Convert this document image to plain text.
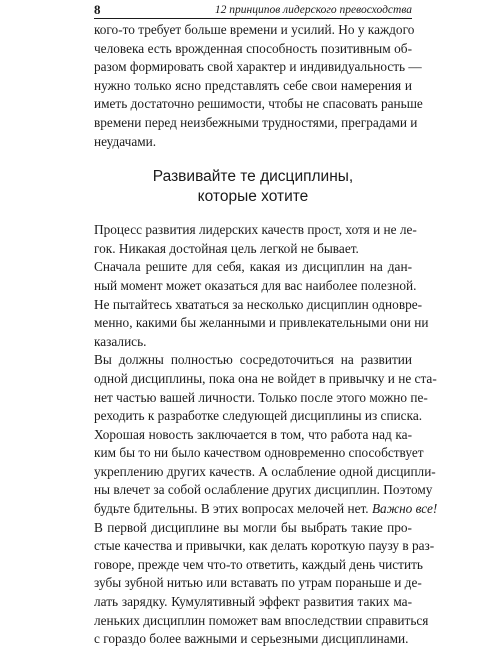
8	12 принципов лидерского превосходства
кого-то требует больше времени и усилий. Но у каждого
человека есть врожденная способность позитивным об-
разом формировать свой характер и индивидуальность —
нужно только ясно представлять себе свои намерения и
иметь достаточно решимости, чтобы не спасовать раньше
времени перед неизбежными трудностями, преградами и
неудачами.
Развивайте те дисциплины,
которые хотите
Процесс развития лидерских качеств прост, хотя и не ле-
гок. Никакая достойная цель легкой не бывает.
Сначала решите для себя, какая из дисциплин на дан-
ный момент может оказаться для вас наиболее полезной.
Не пытайтесь хвататься за несколько дисциплин одновре-
менно, какими бы желанными и привлекательными они ни
казались.
Вы должны полностью сосредоточиться на развитии
одной дисциплины, пока она не войдет в привычку и не ста-
нет частью вашей личности. Только после этого можно пе-
реходить к разработке следующей дисциплины из списка.
Хорошая новость заключается в том, что работа над ка-
ким бы то ни было качеством одновременно способствует
укреплению других качеств. А ослабление одной дисципли-
ны влечет за собой ослабление других дисциплин. Поэтому
будьте бдительны. В этих вопросах мелочей нет. Важно все!
В первой дисциплине вы могли бы выбрать такие про-
стые качества и привычки, как делать короткую паузу в раз-
говоре, прежде чем что-то ответить, каждый день чистить
зубы зубной нитью или вставать по утрам пораньше и де-
лать зарядку. Кумулятивный эффект развития таких ма-
леньких дисциплин поможет вам впоследствии справиться
с гораздо более важными и серьезными дисциплинами.
